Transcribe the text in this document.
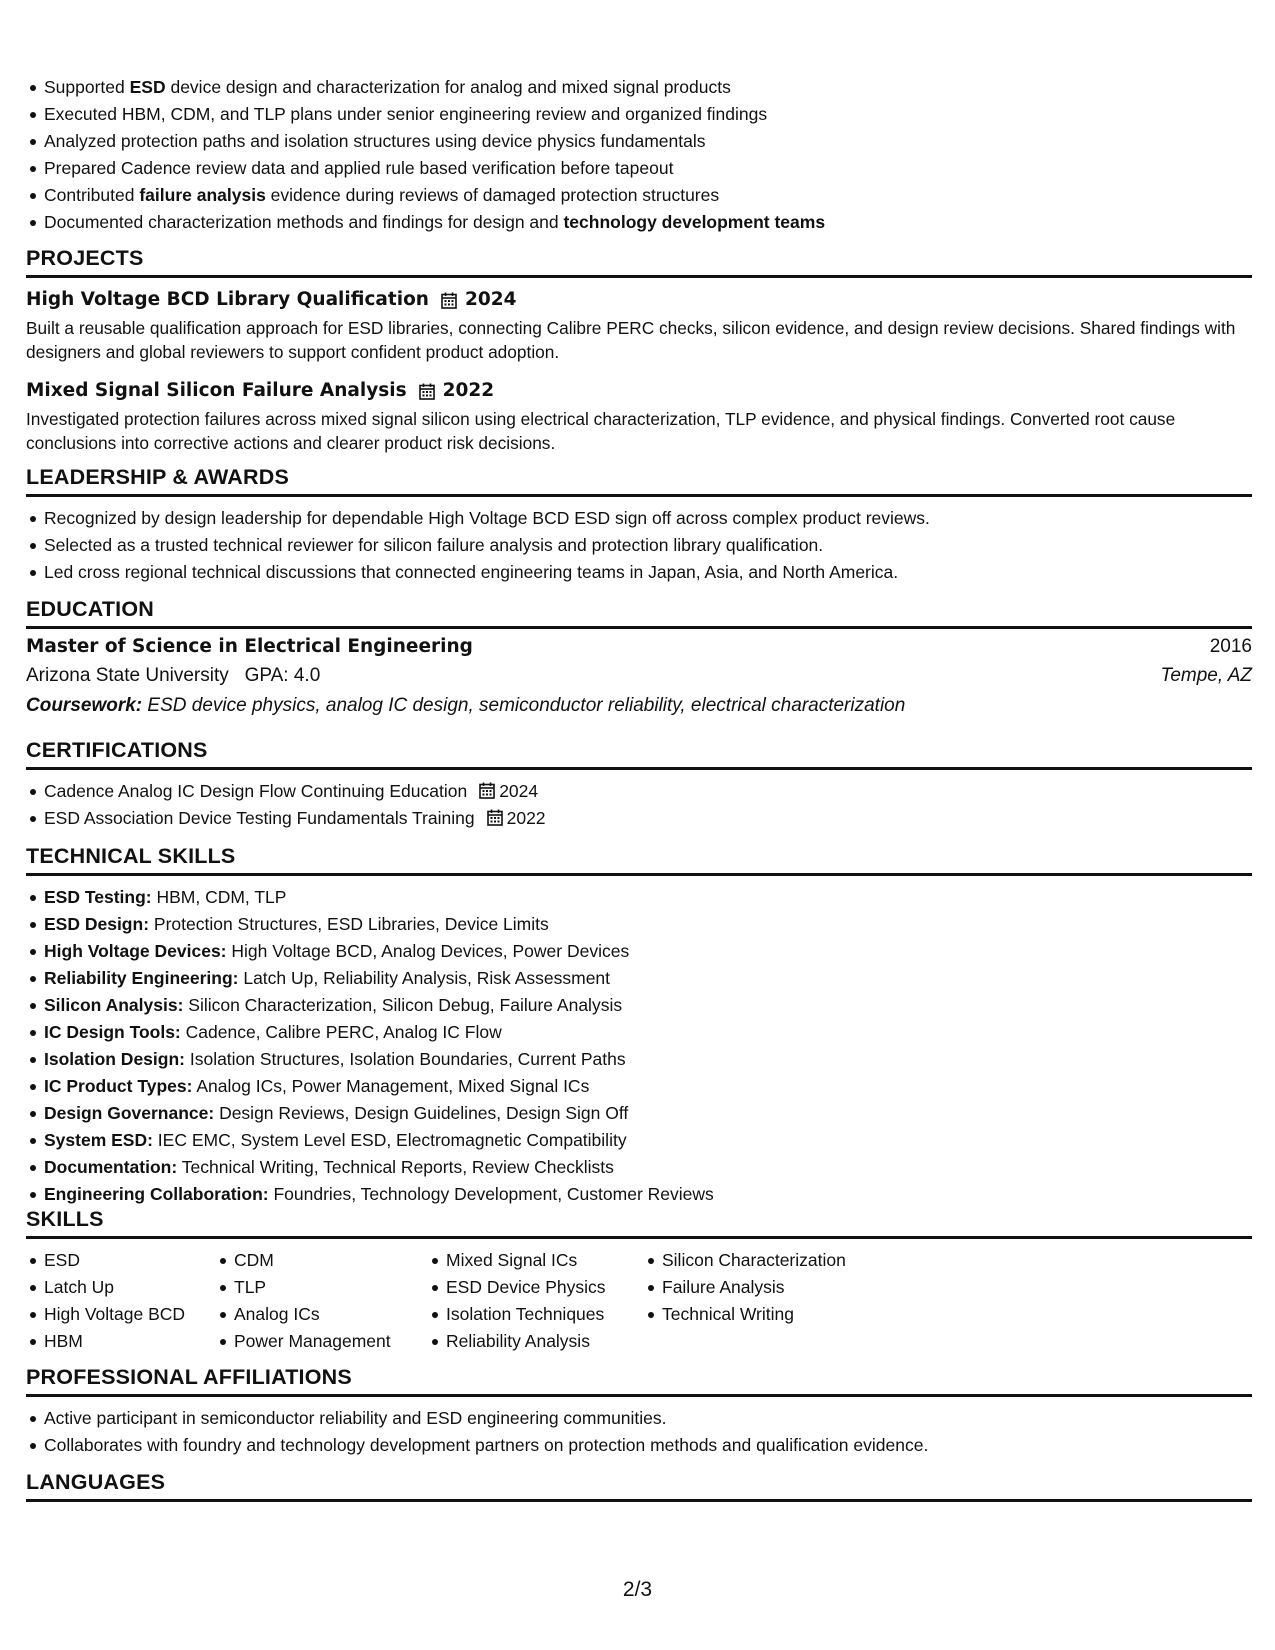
Supported ESD device design and characterization for analog and mixed signal products
Executed HBM, CDM, and TLP plans under senior engineering review and organized findings
Analyzed protection paths and isolation structures using device physics fundamentals
Prepared Cadence review data and applied rule based verification before tapeout
Contributed failure analysis evidence during reviews of damaged protection structures
Documented characterization methods and findings for design and technology development teams
PROJECTS
High Voltage BCD Library Qualification 2024

Built a reusable qualification approach for ESD libraries, connecting Calibre PERC checks, silicon evidence, and design review decisions. Shared findings with designers and global reviewers to support confident product adoption.

Mixed Signal Silicon Failure Analysis 2022

Investigated protection failures across mixed signal silicon using electrical characterization, TLP evidence, and physical findings. Converted root cause conclusions into corrective actions and clearer product risk decisions.

LEADERSHIP & AWARDS
Recognized by design leadership for dependable High Voltage BCD ESD sign off across complex product reviews.
Selected as a trusted technical reviewer for silicon failure analysis and protection library qualification.
Led cross regional technical discussions that connected engineering teams in Japan, Asia, and North America.
EDUCATION
Master of Science in Electrical Engineering	2016
Arizona State University   GPA: 4.0	Tempe, AZ
Coursework: ESD device physics, analog IC design, semiconductor reliability, electrical characterization
CERTIFICATIONS
Cadence Analog IC Design Flow Continuing Education 2024
ESD Association Device Testing Fundamentals Training 2022
TECHNICAL SKILLS
ESD Testing: HBM, CDM, TLP
ESD Design: Protection Structures, ESD Libraries, Device Limits
High Voltage Devices: High Voltage BCD, Analog Devices, Power Devices
Reliability Engineering: Latch Up, Reliability Analysis, Risk Assessment
Silicon Analysis: Silicon Characterization, Silicon Debug, Failure Analysis
IC Design Tools: Cadence, Calibre PERC, Analog IC Flow
Isolation Design: Isolation Structures, Isolation Boundaries, Current Paths
IC Product Types: Analog ICs, Power Management, Mixed Signal ICs
Design Governance: Design Reviews, Design Guidelines, Design Sign Off
System ESD: IEC EMC, System Level ESD, Electromagnetic Compatibility
Documentation: Technical Writing, Technical Reports, Review Checklists
Engineering Collaboration: Foundries, Technology Development, Customer Reviews
SKILLS
ESD
Latch Up
High Voltage BCD
HBM
CDM
TLP
Analog ICs
Power Management
Mixed Signal ICs
ESD Device Physics
Isolation Techniques
Reliability Analysis
Silicon Characterization
Failure Analysis
Technical Writing
PROFESSIONAL AFFILIATIONS
Active participant in semiconductor reliability and ESD engineering communities.
Collaborates with foundry and technology development partners on protection methods and qualification evidence.
LANGUAGES
2/3
